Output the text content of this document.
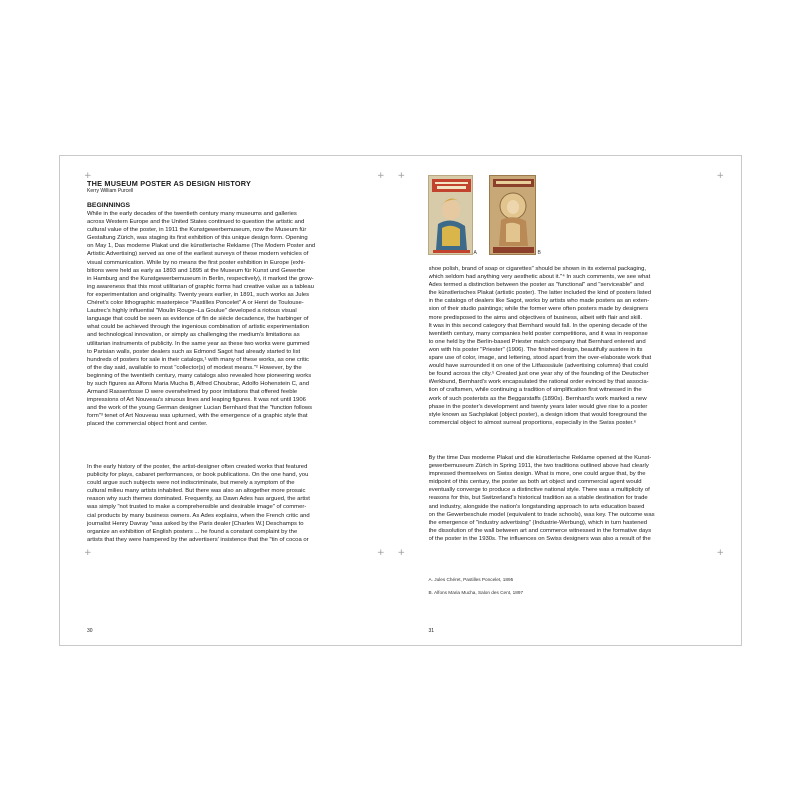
+	+
+	+
THE MUSEUM POSTER AS DESIGN HISTORY
Kerry William Purcell
BEGINNINGS
While in the early decades of the twentieth century many museums and galleries
across Western Europe and the United States continued to question the artistic and
cultural value of the poster, in 1911 the Kunstgewerbemuseum, now the Museum für
Gestaltung Zürich, was staging its first exhibition of this unique design form. Opening
on May 1, Das moderne Plakat und die künstlerische Reklame (The Modern Poster and
Artistic Advertising) served as one of the earliest surveys of these modern vehicles of
visual communication. While by no means the first poster exhibition in Europe (exhi-
bitions were held as early as 1893 and 1895 at the Museum für Kunst und Gewerbe
in Hamburg and the Kunstgewerbemuseum in Berlin, respectively), it marked the grow-
ing awareness that this most utilitarian of graphic forms had creative value as a tableau
for experimentation and originality. Twenty years earlier, in 1891, such works as Jules
Chéret's color lithographic masterpiece "Pastilles Poncelet" A or Henri de Toulouse-
Lautrec's highly influential "Moulin Rouge–La Goulue" developed a riotous visual
language that could be seen as evidence of fin de siècle decadence, the harbinger of
what could be achieved through the ingenious combination of artistic experimentation
and technological innovation, or simply as challenging the medium's limitations as
utilitarian instruments of publicity. In the same year as these two works were gummed
to Parisian walls, poster dealers such as Edmond Sagot had already started to list
hundreds of posters for sale in their catalogs,¹ with many of these works, as one critic
of the day said, available to most "collector(s) of modest means."² However, by the
beginning of the twentieth century, many catalogs also revealed how pioneering works
by such figures as Alfons Maria Mucha B, Alfred Choubrac, Adolfo Hohenstein C, and
Armand Rassenfosse D were overwhelmed by poor imitations that offered feeble
impressions of Art Nouveau's sinuous lines and leaping figures. It was not until 1906
and the work of the young German designer Lucian Bernhard that the "function follows
form"³ tenet of Art Nouveau was upturned, with the emergence of a graphic style that
placed the commercial object front and center.
In the early history of the poster, the artist-designer often created works that featured
publicity for plays, cabaret performances, or book publications. On the one hand, you
could argue such subjects were not indiscriminate, but merely a symptom of the
cultural milieu many artists inhabited. But there was also an altogether more prosaic
reason why such themes dominated. Frequently, as Dawn Ades has argued, the artist
was simply "not trusted to make a comprehensible and desirable image" of commer-
cial products by many business owners. As Ades explains, when the French critic and
journalist Henry Davray "was asked by the Paris dealer [Charles W.] Deschamps to
organize an exhibition of English posters ... he found a constant complaint by the
artists that they were hampered by the advertisers' insistence that the "tin of cocoa or
30
+	+
+	+
A	B
shoe polish, brand of soap or cigarettes" should be shown in its external packaging,
which seldom had anything very aesthetic about it."⁴ In such comments, we see what
Ades termed a distinction between the poster as "functional" and "serviceable" and
the künstlerisches Plakat (artistic poster). The latter included the kind of posters listed
in the catalogs of dealers like Sagot, works by artists who made posters as an exten-
sion of their studio paintings; while the former were often posters made by designers
more predisposed to the aims and objectives of business, albeit with flair and skill.
It was in this second category that Bernhard would fall. In the opening decade of the
twentieth century, many companies held poster competitions, and it was in response
to one held by the Berlin-based Priester match company that Bernhard entered and
won with his poster "Priester" (1906). The finished design, beautifully austere in its
spare use of color, image, and lettering, stood apart from the over-elaborate work that
would have surrounded it on one of the Litfasssäule (advertising columns) that could
be found across the city.⁵ Created just one year shy of the founding of the Deutscher
Werkbund, Bernhard's work encapsulated the rational order evinced by that associa-
tion of craftsmen, while continuing a tradition of simplification first witnessed in the
work of such posterists as the Beggarstaffs (1890s). Bernhard's work marked a new
phase in the poster's development and twenty years later would give rise to a poster
style known as Sachplakat (object poster), a design idiom that would foreground the
commercial object to almost surreal proportions, especially in the Swiss poster.⁶
By the time Das moderne Plakat und die künstlerische Reklame opened at the Kunst-
gewerbemuseum Zürich in Spring 1911, the two traditions outlined above had clearly
impressed themselves on Swiss design. What is more, one could argue that, by the
midpoint of this century, the poster as both art object and commercial agent would
eventually converge to produce a distinctive national style. There was a multiplicity of
reasons for this, but Switzerland's historical tradition as a stable destination for trade
and industry, alongside the nation's longstanding approach to arts education based
on the Gewerbeschule model (equivalent to trade schools), was key. The outcome was
the emergence of "industry advertising" (Industrie-Werbung), which in turn hastened
the dissolution of the wall between art and commerce witnessed in the formative days
of the poster in the 1930s. The influences on Swiss designers was also a result of the
A. Jules Chéret, Pastilles Poncelet, 1895
B. Alfons Maria Mucha, Salon des Cent, 1897
31
